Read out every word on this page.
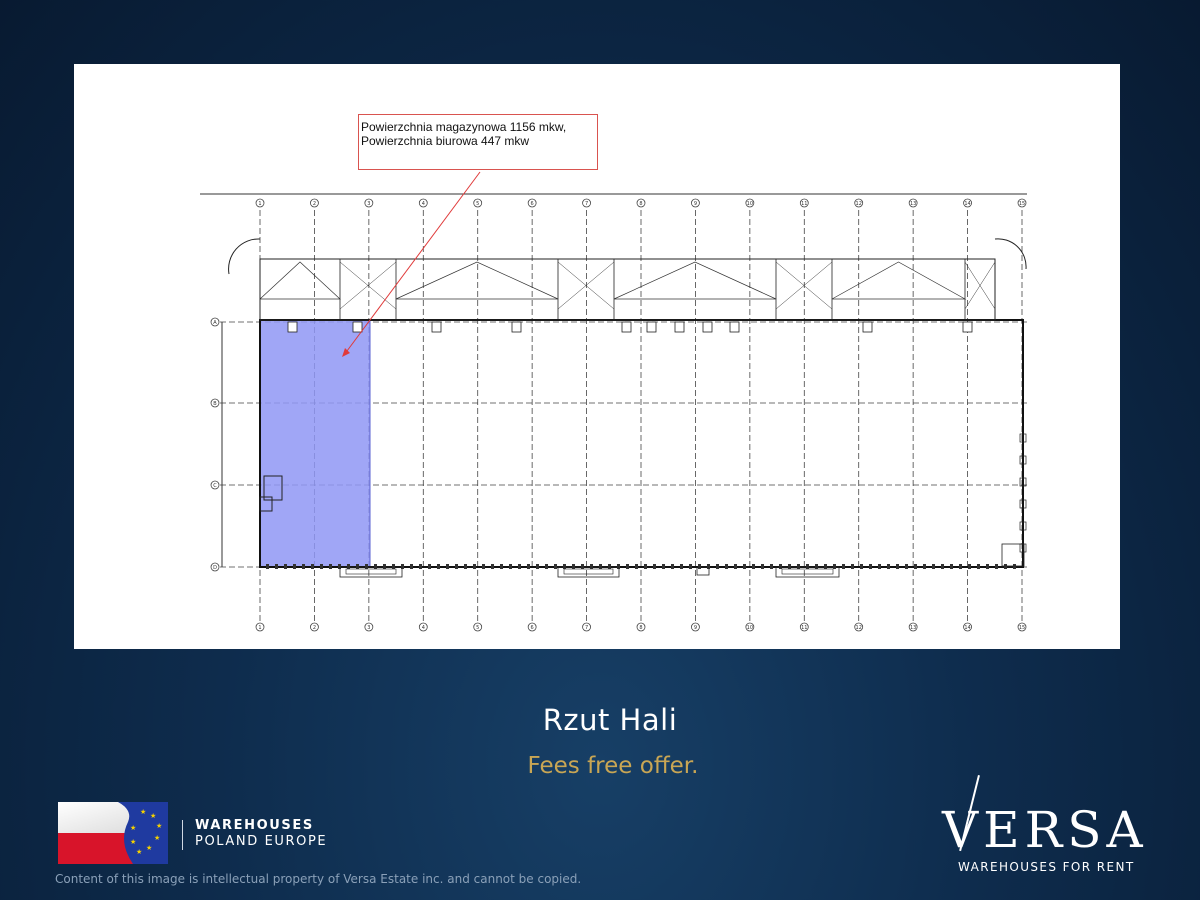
1
1
2
2
3
3
4
4
5
5
6
6
7
7
8
8
9
9
10
10
11
11
12
12
13
13
14
14
15
15
A
B
C
D
Powierzchnia magazynowa 1156 mkw,
Powierzchnia biurowa 447 mkw
Rzut Hali
Fees free offer.
★ ★
★
★
★
★
★
★	WAREHOUSES
POLAND EUROPE
Content of this image is intellectual property of Versa Estate inc. and cannot be copied.
VERSA
WAREHOUSES FOR RENT
